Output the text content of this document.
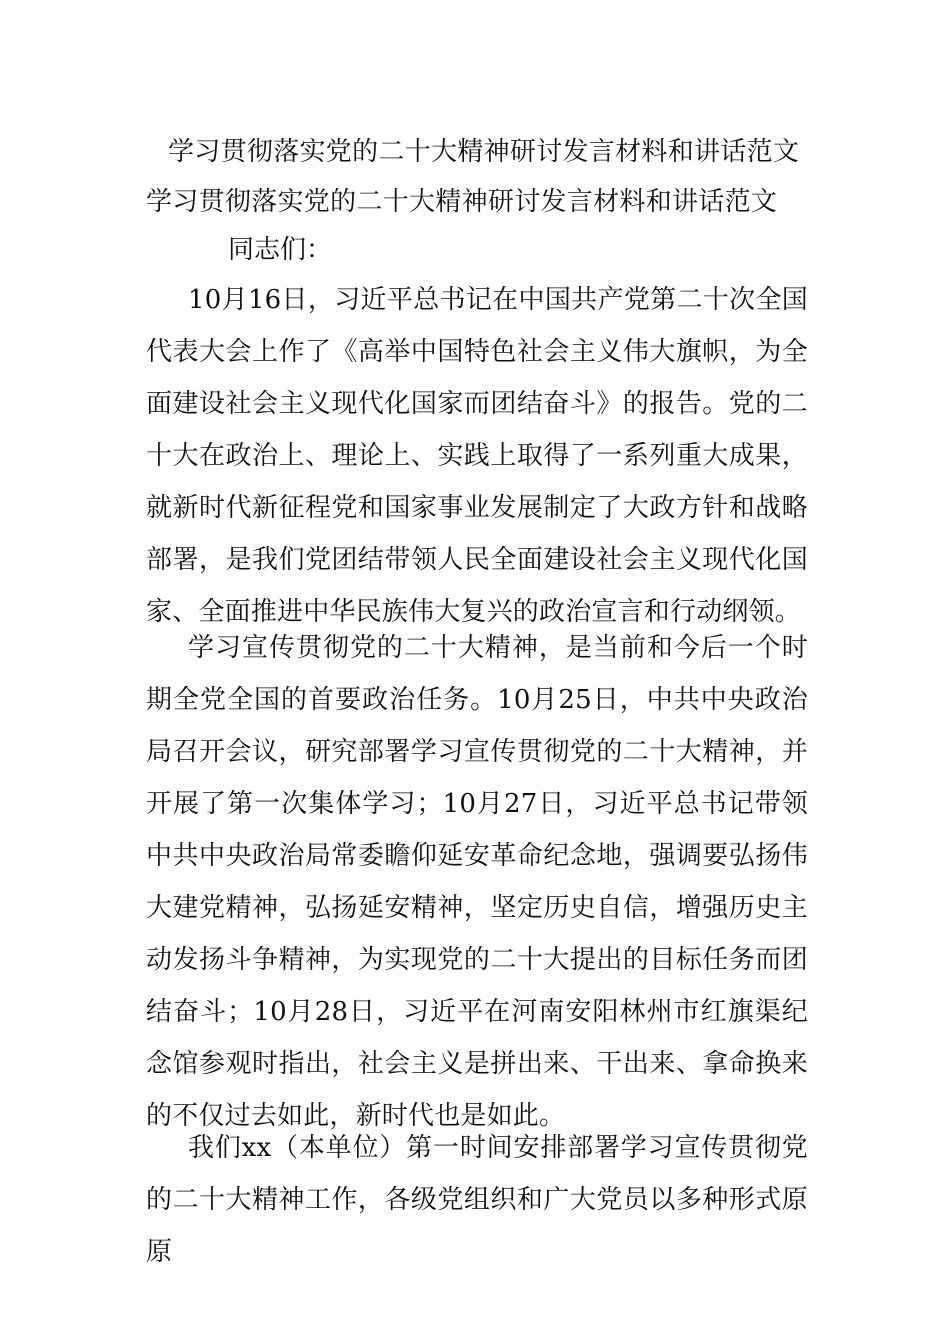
学习贯彻落实党的二十大精神研讨发言材料和讲话范文
学习贯彻落实党的二十大精神研讨发言材料和讲话范文
同志们：
10月16日，习近平总书记在中国共产党第二十次全国代表大会上作了《高举中国特色社会主义伟大旗帜，为全面建设社会主义现代化国家而团结奋斗》的报告。党的二十大在政治上、理论上、实践上取得了一系列重大成果，就新时代新征程党和国家事业发展制定了大政方针和战略部署，是我们党团结带领人民全面建设社会主义现代化国家、全面推进中华民族伟大复兴的政治宣言和行动纲领。
学习宣传贯彻党的二十大精神，是当前和今后一个时期全党全国的首要政治任务。10月25日，中共中央政治局召开会议，研究部署学习宣传贯彻党的二十大精神，并开展了第一次集体学习；10月27日，习近平总书记带领中共中央政治局常委瞻仰延安革命纪念地，强调要弘扬伟大建党精神，弘扬延安精神，坚定历史自信，增强历史主动发扬斗争精神，为实现党的二十大提出的目标任务而团结奋斗；10月28日，习近平在河南安阳林州市红旗渠纪念馆参观时指出，社会主义是拼出来、干出来、拿命换来的不仅过去如此，新时代也是如此。
我们xx（本单位）第一时间安排部署学习宣传贯彻党的二十大精神工作，各级党组织和广大党员以多种形式原原
